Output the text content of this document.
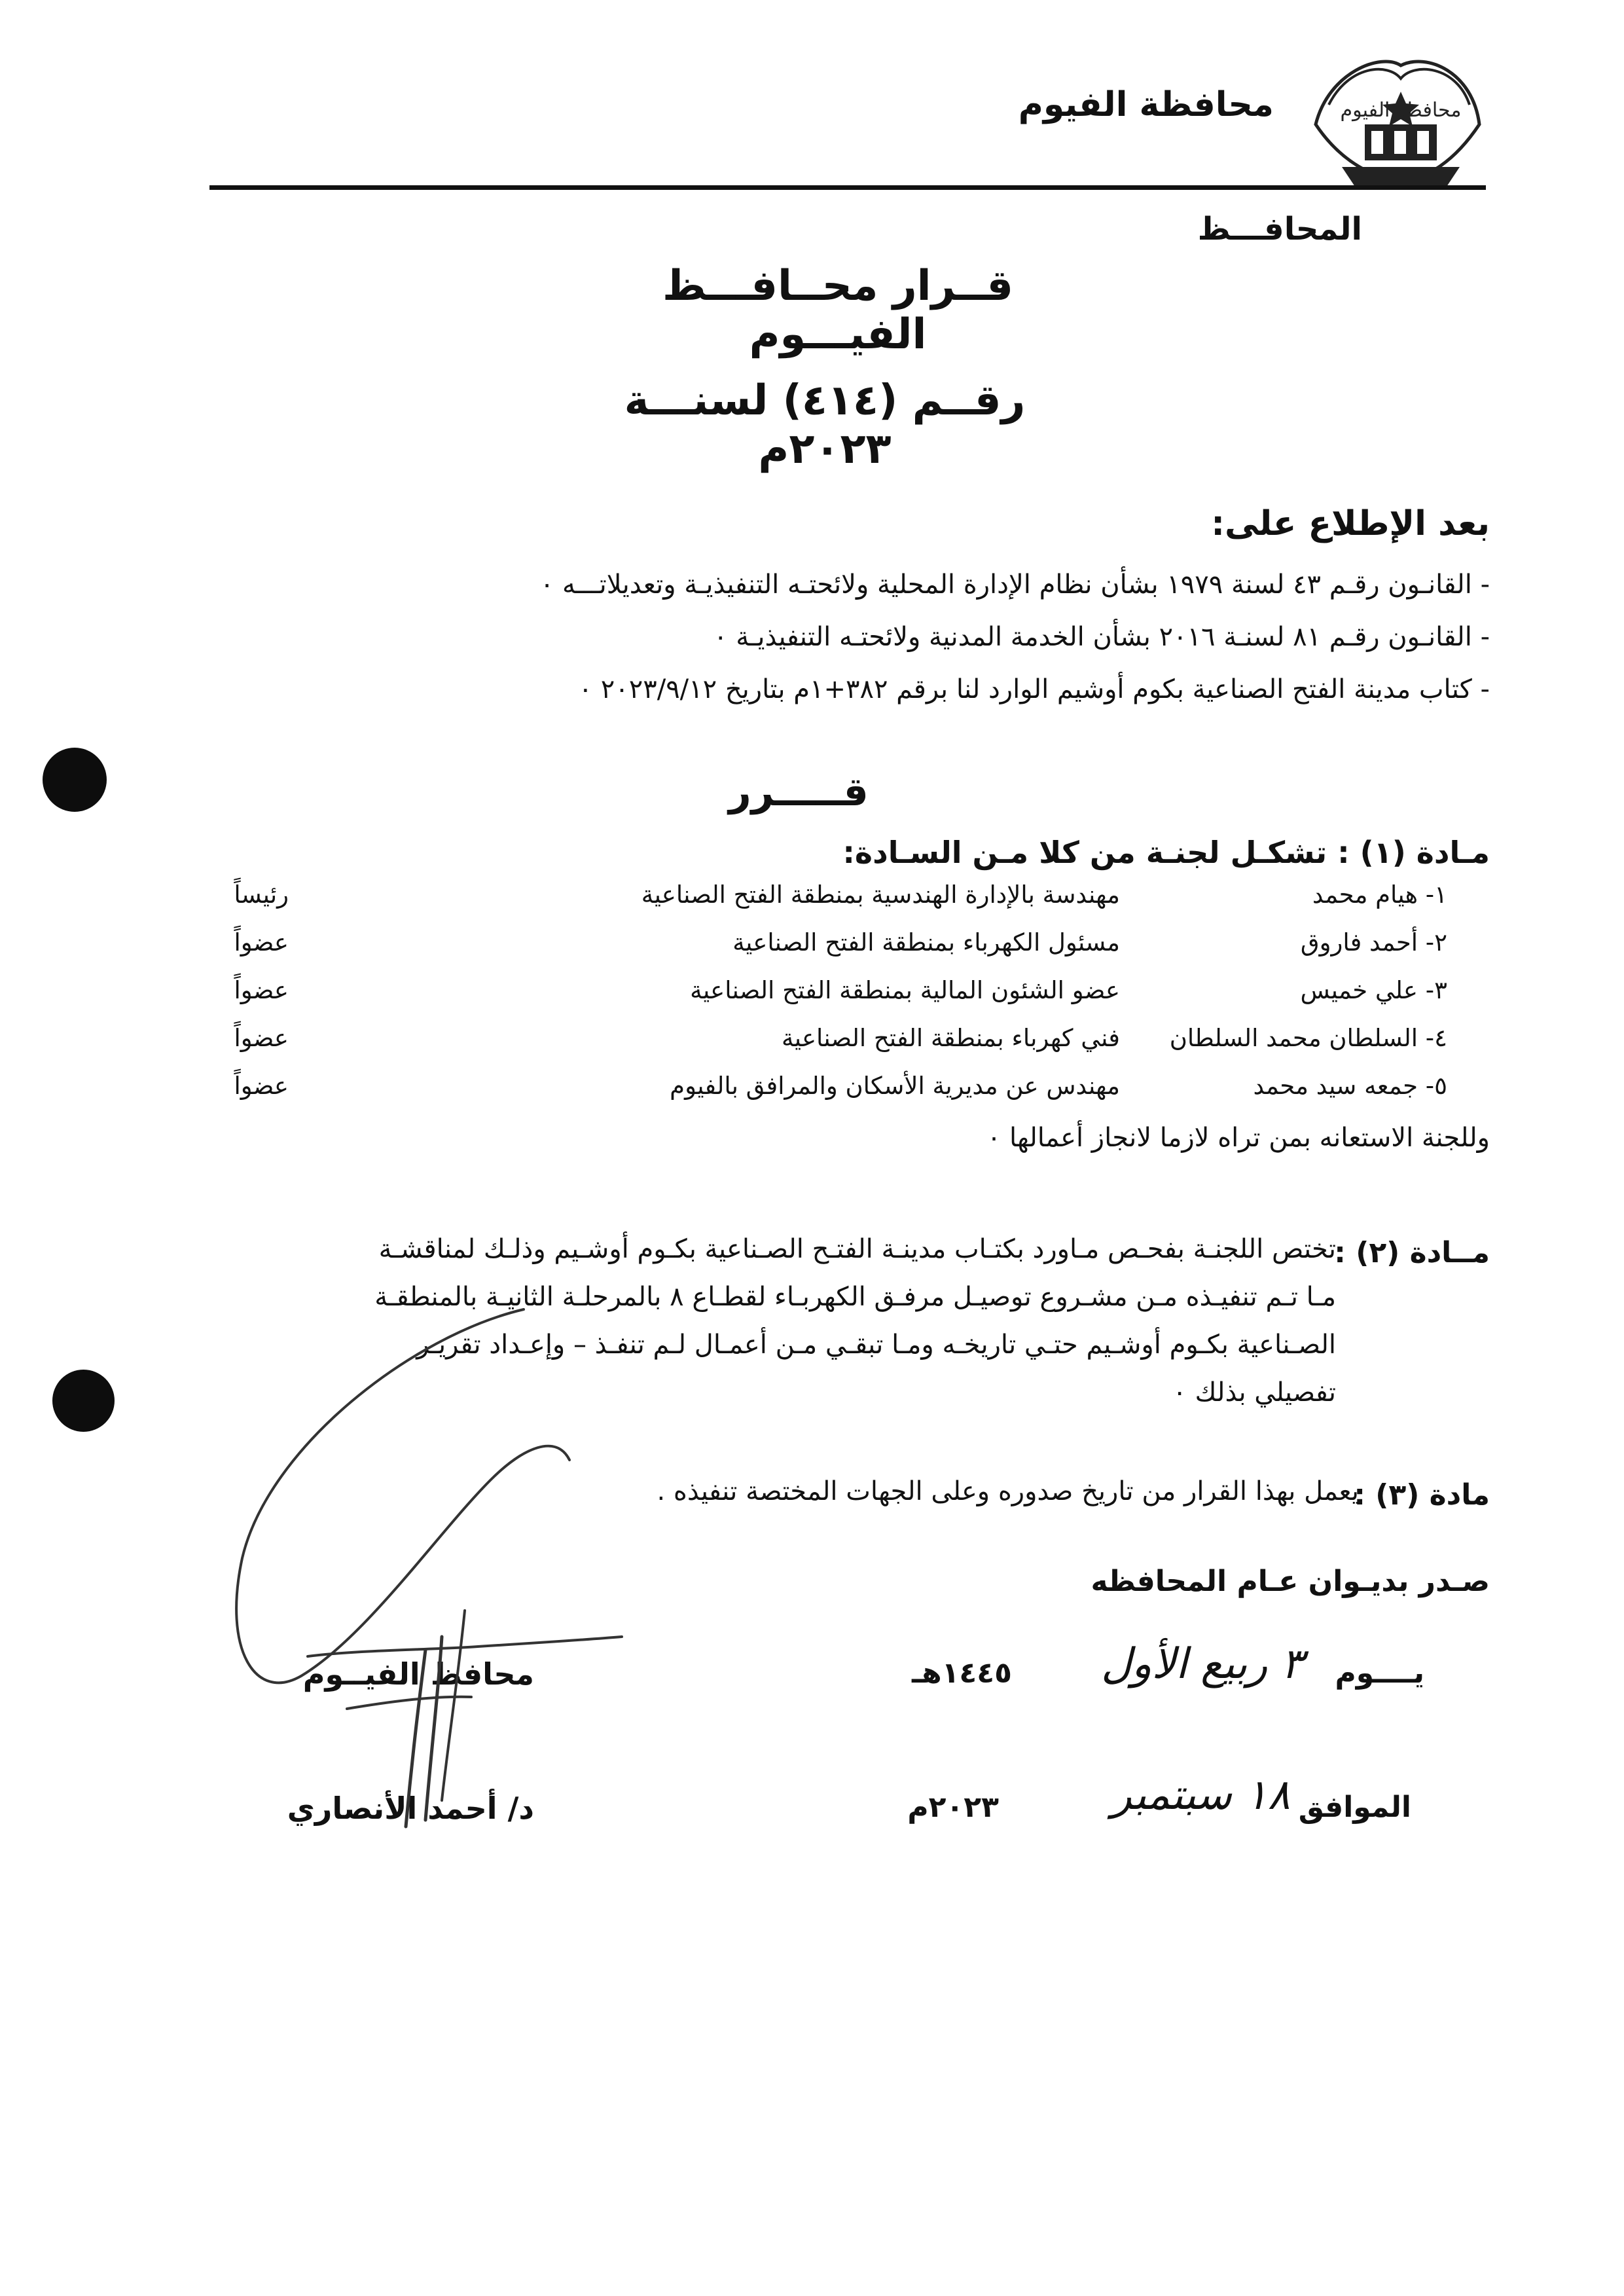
محافظة الفيوم
محافظة الفيوم
المحافـــظ
قــرار محــافـــظ الفيـــوم
رقــم (٤١٤) لسنـــة ٢٠٢٣م
بعد الإطلاع على:
- القانـون رقـم ٤٣ لسنة ١٩٧٩ بشأن نظام الإدارة المحلية ولائحتـه التنفيذيـة وتعديلاتـــه ٠
- القانـون رقـم ٨١ لسنـة ٢٠١٦ بشأن الخدمة المدنية ولائحتـه التنفيذيـة ٠
- كتاب مدينة الفتح الصناعية بكوم أوشيم الوارد لنا برقم ٣٨٢+١م بتاريخ ٢٠٢٣/٩/١٢ ٠
قـــــرر
مـادة (١) : تشكـل لجنـة من كلا مـن السـادة:
١- هيام محمد
مهندسة بالإدارة الهندسية بمنطقة الفتح الصناعية
رئيساً
٢- أحمد فاروق
مسئول الكهرباء بمنطقة الفتح الصناعية
عضواً
٣- علي خميس
عضو الشئون المالية بمنطقة الفتح الصناعية
عضواً
٤- السلطان محمد السلطان
فني كهرباء بمنطقة الفتح الصناعية
عضواً
٥- جمعه سيد محمد
مهندس عن مديرية الأسكان والمرافق بالفيوم
عضواً
وللجنة الاستعانه بمن تراه لازما لانجاز أعمالها ٠
مــادة (٢) :
تختص اللجنـة بفحـص مـاورد بكتـاب مدينـة الفتـح الصـناعية بكـوم أوشـيم وذلـك لمناقشـة
مـا تـم تنفيـذه مـن مشـروع توصيـل مرفـق الكهربـاء لقطـاع ٨ بالمرحلـة الثانيـة بالمنطقـة
الصـناعية بكـوم أوشـيم حتـي تاريخـه ومـا تبقـي مـن أعمـال لـم تنفـذ – وإعـداد تقريـر
تفصيلي بذلك ٠
مادة (٣) :
يعمل بهذا القرار من تاريخ صدوره وعلى الجهات المختصة تنفيذه .
صـدر بديـوان عـام المحافظه
يــــوم
٣ ربيع الأول
١٤٤٥هـ
الموافق
١٨ سبتمبر
٢٠٢٣م
محافظ الفيــوم
د/ أحمد الأنصاري
